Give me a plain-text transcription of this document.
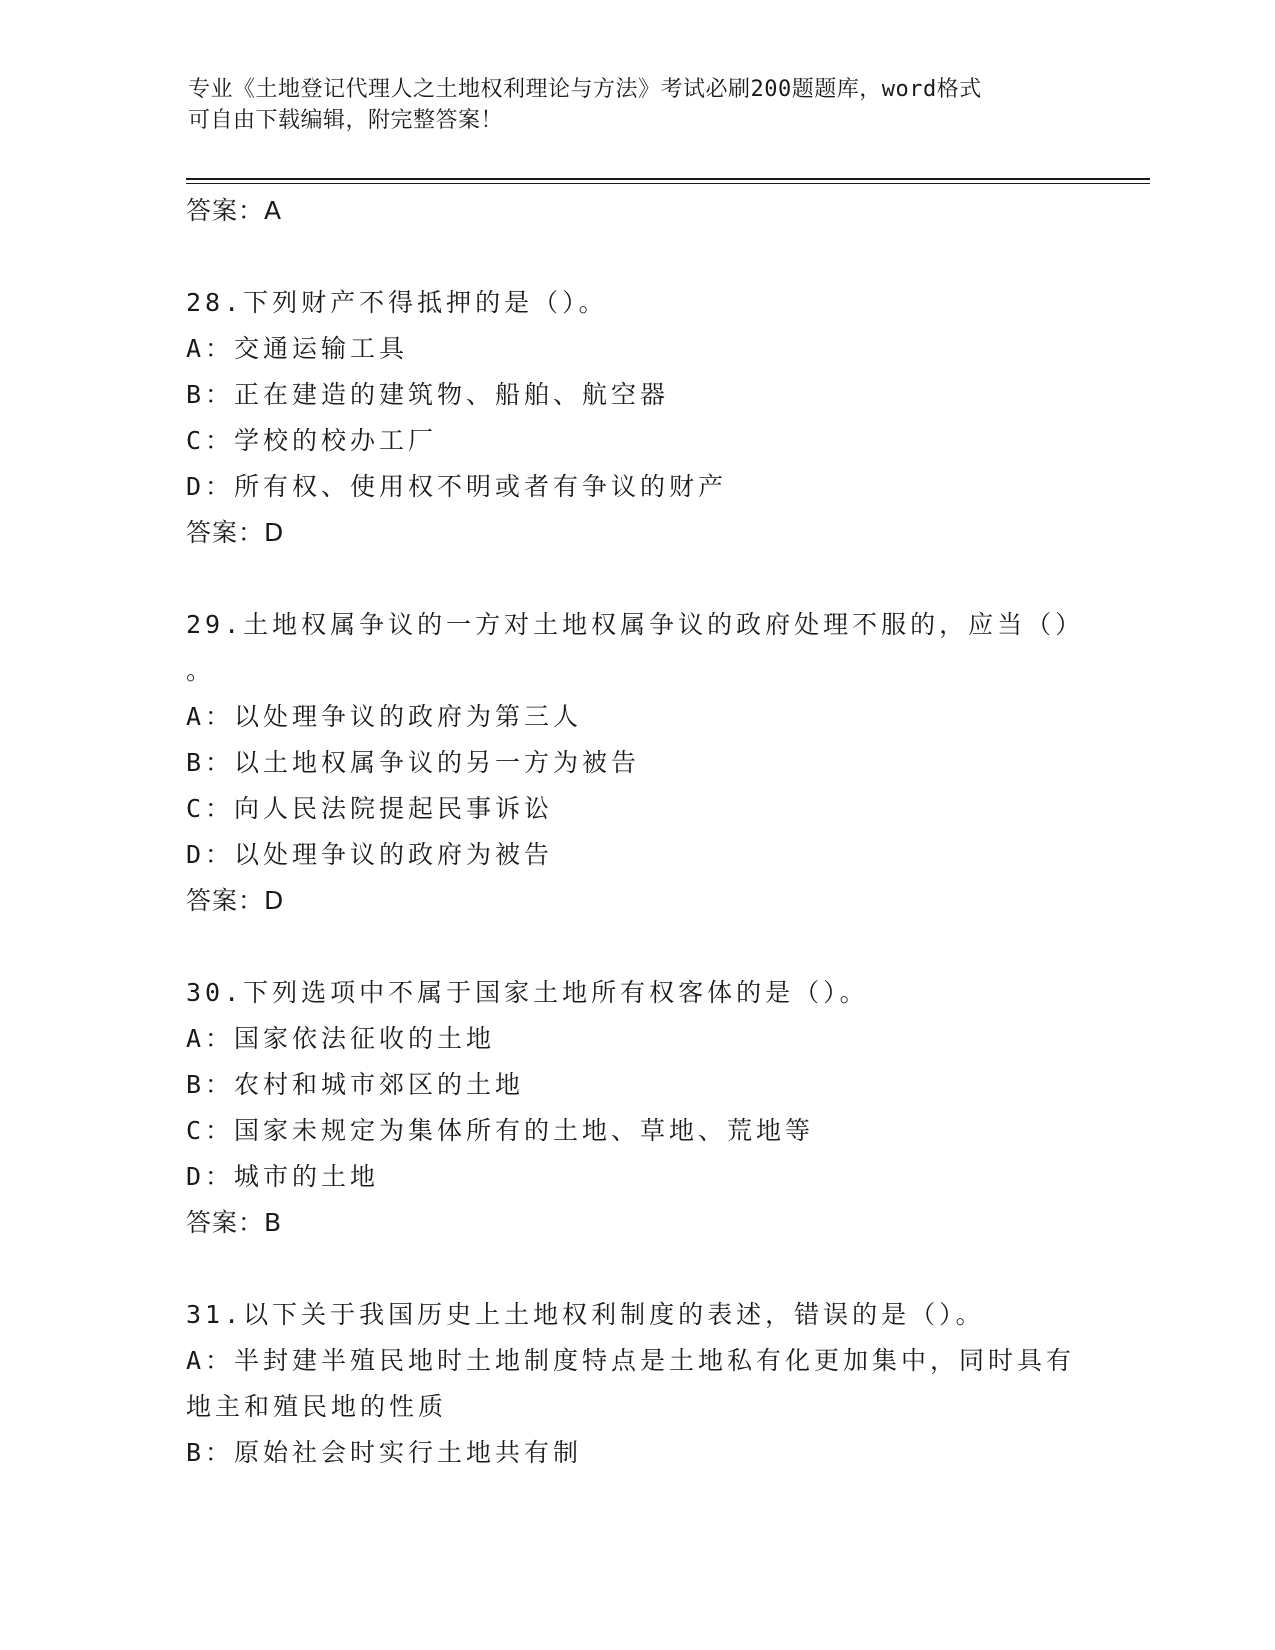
专业《土地登记代理人之土地权利理论与方法》考试必刷200题题库，word格式
可自由下载编辑，附完整答案！
答案：A
28.下列财产不得抵押的是（）。
A：交通运输工具
B：正在建造的建筑物、船舶、航空器
C：学校的校办工厂
D：所有权、使用权不明或者有争议的财产
答案：D
29.土地权属争议的一方对土地权属争议的政府处理不服的，应当（）
。
A：以处理争议的政府为第三人
B：以土地权属争议的另一方为被告
C：向人民法院提起民事诉讼
D：以处理争议的政府为被告
答案：D
30.下列选项中不属于国家土地所有权客体的是（）。
A：国家依法征收的土地
B：农村和城市郊区的土地
C：国家未规定为集体所有的土地、草地、荒地等
D：城市的土地
答案：B
31.以下关于我国历史上土地权利制度的表述，错误的是（）。
A：半封建半殖民地时土地制度特点是土地私有化更加集中，同时具有
地主和殖民地的性质
B：原始社会时实行土地共有制
